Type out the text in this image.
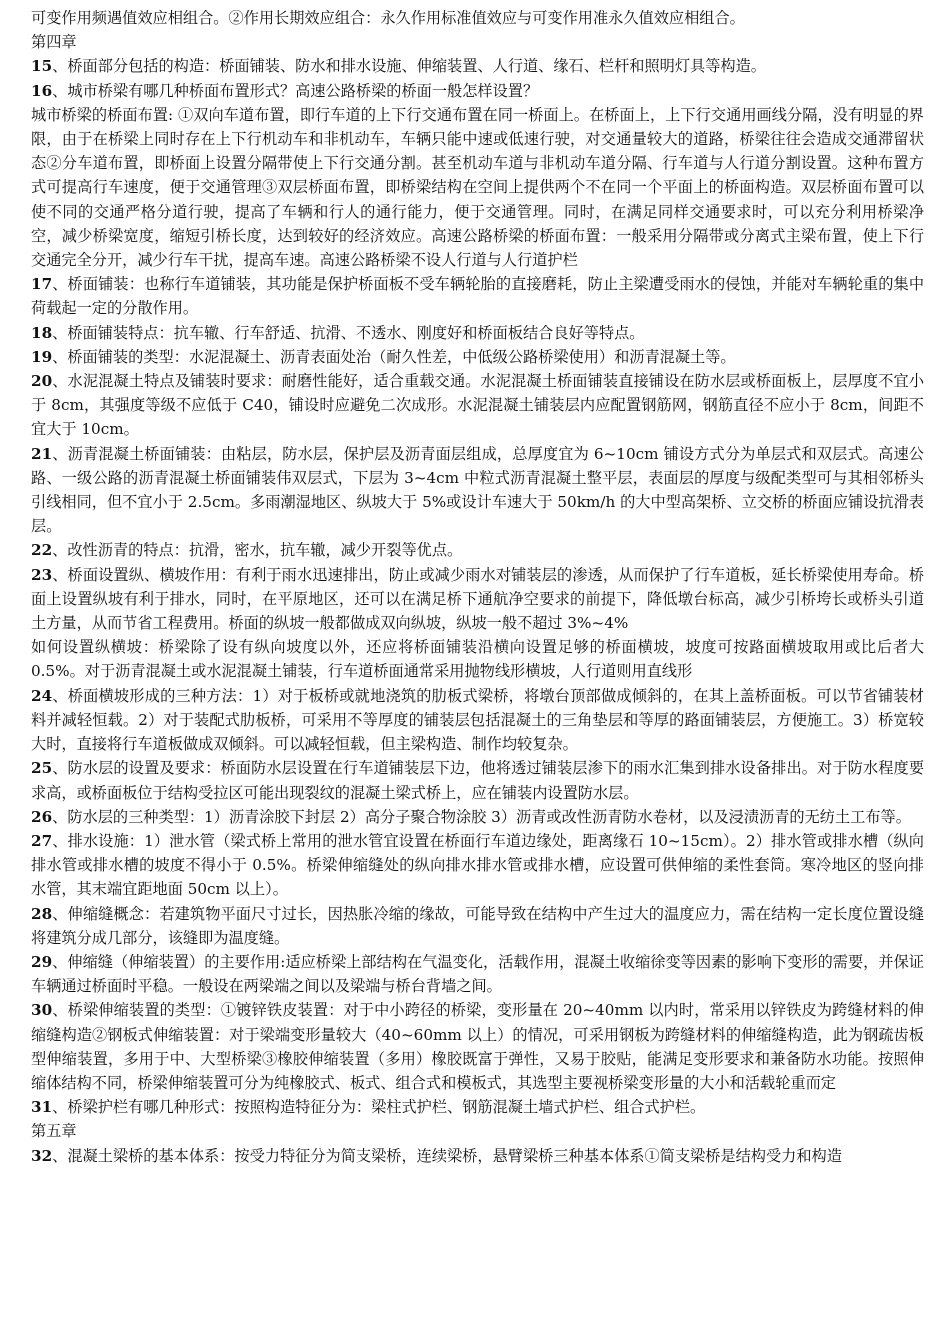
可变作用频遇值效应相组合。②作用长期效应组合：永久作用标准值效应与可变作用准永久值效应相组合。

第四章

15、桥面部分包括的构造：桥面铺装、防水和排水设施、伸缩装置、人行道、缘石、栏杆和照明灯具等构造。

16、城市桥梁有哪几种桥面布置形式？高速公路桥梁的桥面一般怎样设置？

城市桥梁的桥面布置: ①双向车道布置，即行车道的上下行交通布置在同一桥面上。在桥面上，上下行交通用画线分隔，没有明显的界限，由于在桥梁上同时存在上下行机动车和非机动车，车辆只能中速或低速行驶，对交通量较大的道路，桥梁往往会造成交通滞留状态②分车道布置，即桥面上设置分隔带使上下行交通分割。甚至机动车道与非机动车道分隔、行车道与人行道分割设置。这种布置方式可提高行车速度，便于交通管理③双层桥面布置，即桥梁结构在空间上提供两个不在同一个平面上的桥面构造。双层桥面布置可以使不同的交通严格分道行驶，提高了车辆和行人的通行能力，便于交通管理。同时，在满足同样交通要求时，可以充分利用桥梁净空，减少桥梁宽度，缩短引桥长度，达到较好的经济效应。高速公路桥梁的桥面布置：一般采用分隔带或分离式主梁布置，使上下行交通完全分开，减少行车干扰，提高车速。高速公路桥梁不设人行道与人行道护栏

17、桥面铺装：也称行车道铺装，其功能是保护桥面板不受车辆轮胎的直接磨耗，防止主梁遭受雨水的侵蚀，并能对车辆轮重的集中荷载起一定的分散作用。

18、桥面铺装特点：抗车辙、行车舒适、抗滑、不透水、刚度好和桥面板结合良好等特点。

19、桥面铺装的类型：水泥混凝土、沥青表面处治（耐久性差，中低级公路桥梁使用）和沥青混凝土等。

20、水泥混凝土特点及铺装时要求：耐磨性能好，适合重载交通。水泥混凝土桥面铺装直接铺设在防水层或桥面板上，层厚度不宜小于 8cm，其强度等级不应低于 C40，铺设时应避免二次成形。水泥混凝土铺装层内应配置钢筋网，钢筋直径不应小于 8cm，间距不宜大于 10cm。

21、沥青混凝土桥面铺装：由粘层，防水层，保护层及沥青面层组成，总厚度宜为 6~10cm 铺设方式分为单层式和双层式。高速公路、一级公路的沥青混凝土桥面铺装伟双层式，下层为 3~4cm 中粒式沥青混凝土整平层，表面层的厚度与级配类型可与其相邻桥头引线相同，但不宜小于 2.5cm。多雨潮湿地区、纵坡大于 5%或设计车速大于 50km/h 的大中型高架桥、立交桥的桥面应铺设抗滑表层。

22、改性沥青的特点：抗滑，密水，抗车辙，减少开裂等优点。

23、桥面设置纵、横坡作用：有利于雨水迅速排出，防止或减少雨水对铺装层的渗透，从而保护了行车道板，延长桥梁使用寿命。桥面上设置纵坡有利于排水，同时，在平原地区，还可以在满足桥下通航净空要求的前提下，降低墩台标高，减少引桥垮长或桥头引道土方量，从而节省工程费用。桥面的纵坡一般都做成双向纵坡，纵坡一般不超过 3%~4%

如何设置纵横坡：桥梁除了设有纵向坡度以外，还应将桥面铺装沿横向设置足够的桥面横坡，坡度可按路面横坡取用或比后者大 0.5%。对于沥青混凝土或水泥混凝土铺装，行车道桥面通常采用抛物线形横坡，人行道则用直线形

24、桥面横坡形成的三种方法：1）对于板桥或就地浇筑的肋板式梁桥，将墩台顶部做成倾斜的，在其上盖桥面板。可以节省铺装材料并减轻恒载。2）对于装配式肋板桥，可采用不等厚度的铺装层包括混凝土的三角垫层和等厚的路面铺装层，方便施工。3）桥宽较大时，直接将行车道板做成双倾斜。可以减轻恒载，但主梁构造、制作均较复杂。

25、防水层的设置及要求：桥面防水层设置在行车道铺装层下边，他将透过铺装层渗下的雨水汇集到排水设备排出。对于防水程度要求高，或桥面板位于结构受拉区可能出现裂纹的混凝土梁式桥上，应在铺装内设置防水层。

26、防水层的三种类型：1）沥青涂胶下封层 2）高分子聚合物涂胶 3）沥青或改性沥青防水卷材，以及浸渍沥青的无纺土工布等。

27、排水设施：1）泄水管（梁式桥上常用的泄水管宜设置在桥面行车道边缘处，距离缘石 10~15cm）。2）排水管或排水槽（纵向排水管或排水槽的坡度不得小于 0.5%。桥梁伸缩缝处的纵向排水排水管或排水槽，应设置可供伸缩的柔性套筒。寒冷地区的竖向排水管，其末端宜距地面 50cm 以上）。

28、伸缩缝概念：若建筑物平面尺寸过长，因热胀冷缩的缘故，可能导致在结构中产生过大的温度应力，需在结构一定长度位置设缝将建筑分成几部分，该缝即为温度缝。

29、伸缩缝（伸缩装置）的主要作用:适应桥梁上部结构在气温变化，活载作用，混凝土收缩徐变等因素的影响下变形的需要，并保证车辆通过桥面时平稳。一般设在两梁端之间以及梁端与桥台背墙之间。

30、桥梁伸缩装置的类型：①镀锌铁皮装置：对于中小跨径的桥梁，变形量在 20~40mm 以内时，常采用以锌铁皮为跨缝材料的伸缩缝构造②钢板式伸缩装置：对于梁端变形量较大（40~60mm 以上）的情况，可采用钢板为跨缝材料的伸缩缝构造，此为钢疏齿板型伸缩装置，多用于中、大型桥梁③橡胶伸缩装置（多用）橡胶既富于弹性，又易于胶贴，能满足变形要求和兼备防水功能。按照伸缩体结构不同，桥梁伸缩装置可分为纯橡胶式、板式、组合式和模板式，其选型主要视桥梁变形量的大小和活载轮重而定

31、桥梁护栏有哪几种形式：按照构造特征分为：梁柱式护栏、钢筋混凝土墙式护栏、组合式护栏。

第五章

32、混凝土梁桥的基本体系：按受力特征分为简支梁桥，连续梁桥，悬臂梁桥三种基本体系①简支梁桥是结构受力和构造
